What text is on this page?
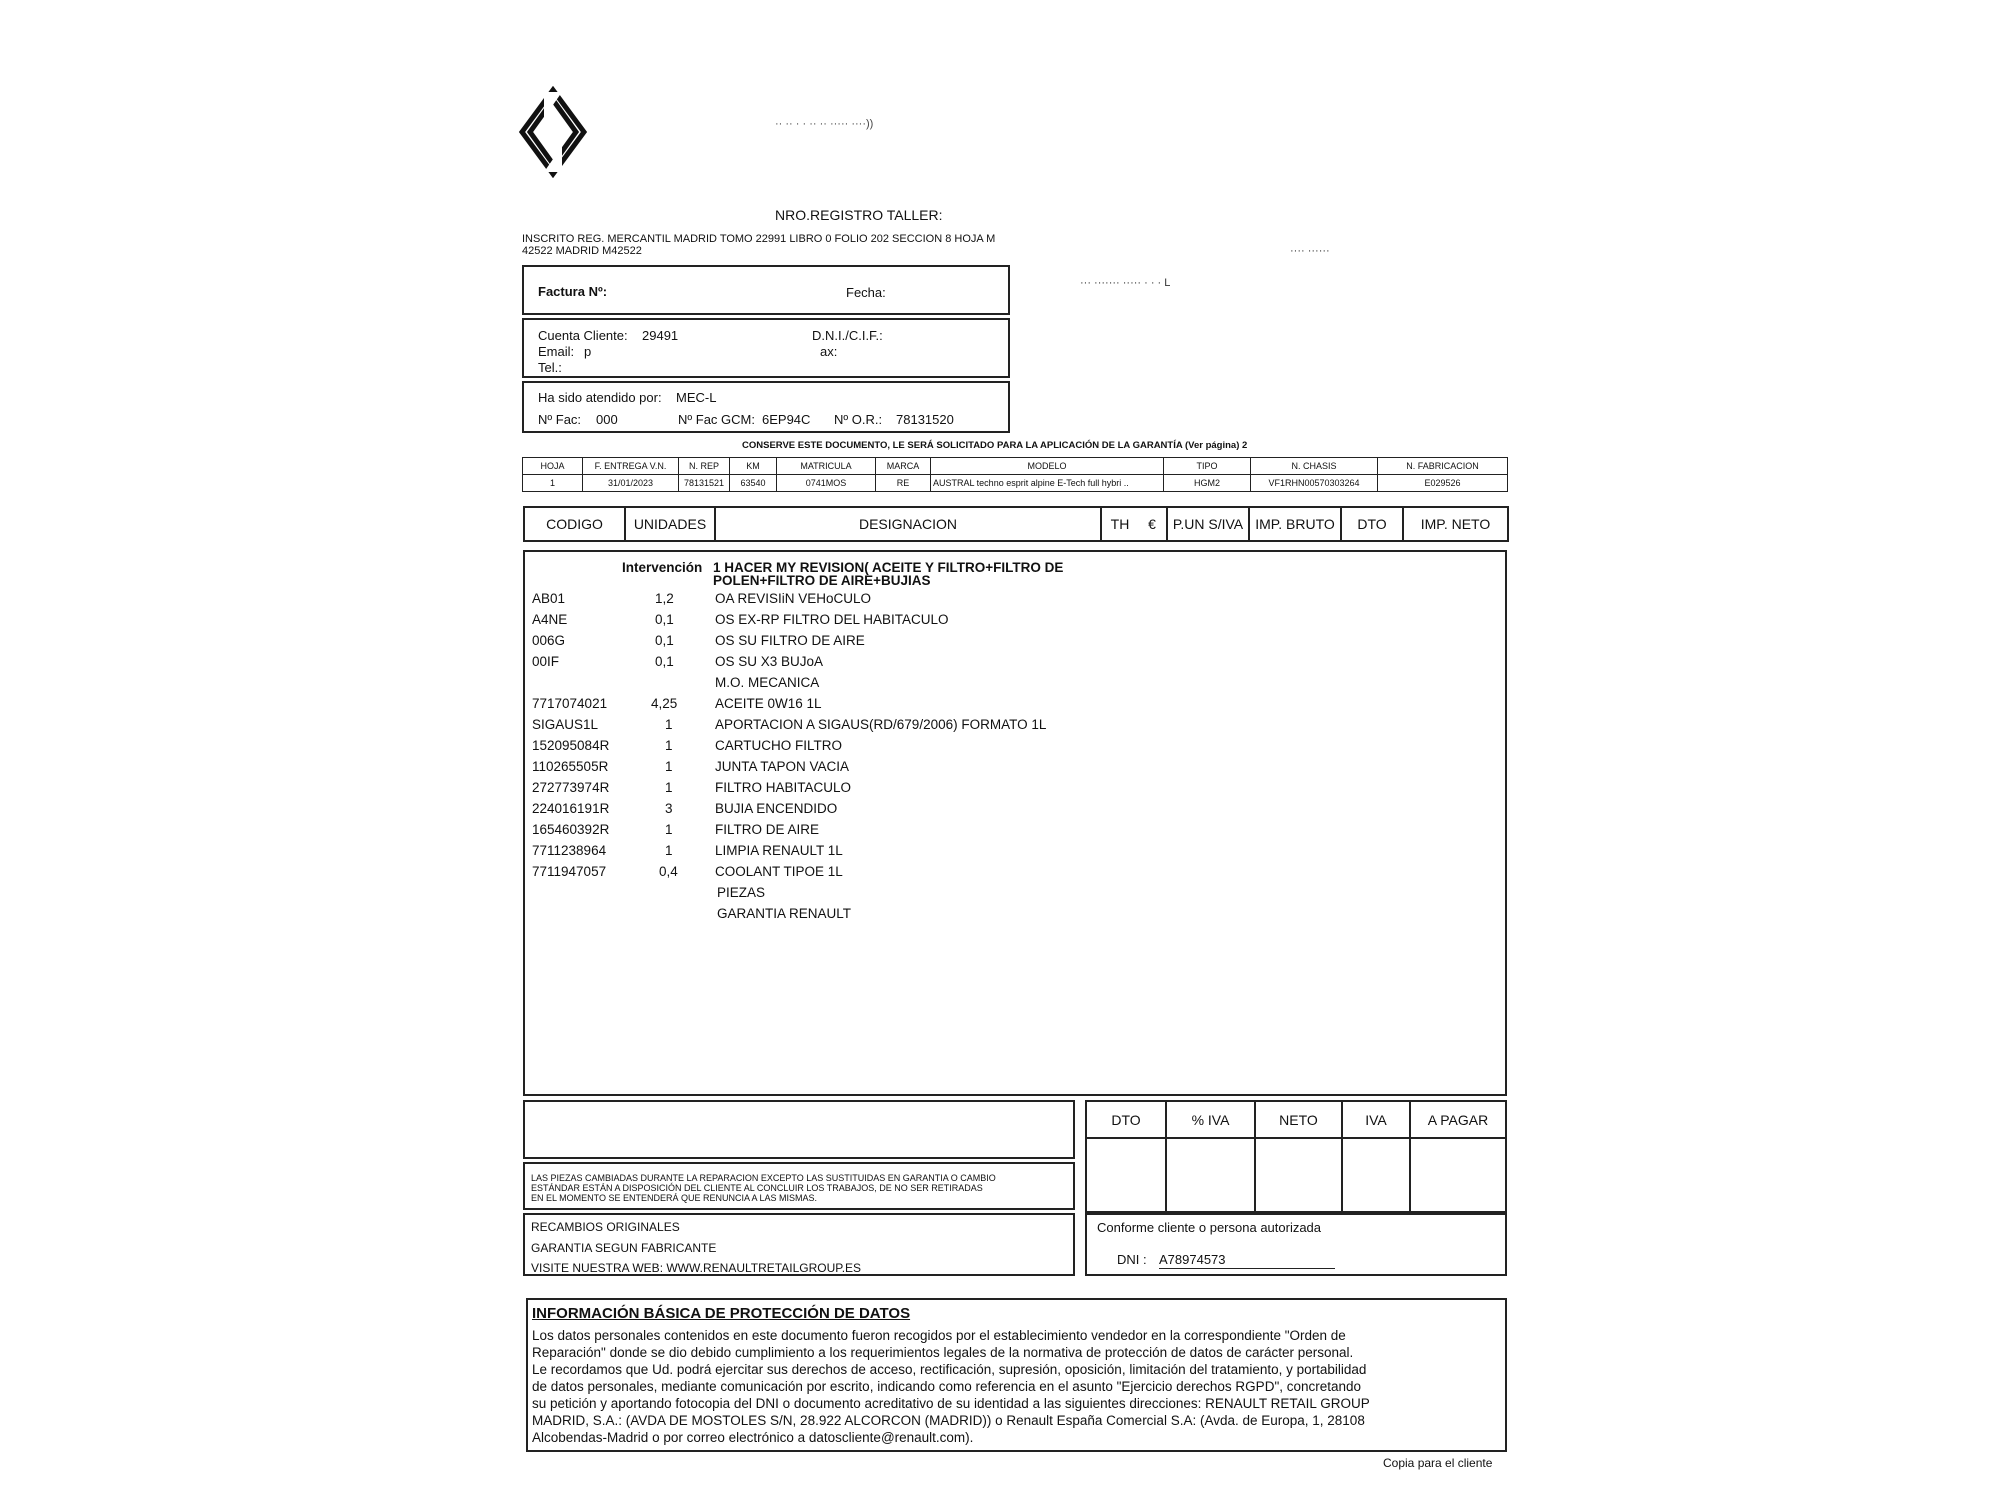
·· ·· · · ·· ·· ····· ····))
NRO.REGISTRO TALLER:
INSCRITO REG. MERCANTIL MADRID TOMO 22991 LIBRO 0 FOLIO 202 SECCION 8 HOJA M
42522 MADRID M42522	···· ······
··· ······· ····· · · · L
Factura Nº:	Fecha:
Cuenta Cliente: 29491	D.N.I./C.I.F.:
Email: p	ax:
Tel.:
Ha sido atendido por: MEC-L
Nº Fac: 000	Nº Fac GCM: 6EP94C Nº O.R.: 78131520
CONSERVE ESTE DOCUMENTO, LE SERÁ SOLICITADO PARA LA APLICACIÓN DE LA GARANTÍA (Ver página) 2
HOJA	F. ENTREGA V.N.	N. REP	KM	MATRICULA	MARCA	MODELO	TIPO	N. CHASIS	N. FABRICACION
1	31/01/2023	78131521	63540	0741MOS	RE	AUSTRAL techno esprit alpine E-Tech full hybri ..	HGM2	VF1RHN00570303264	E029526
CODIGO	UNIDADES	DESIGNACION	TH	€	P.UN S/IVA	IMP. BRUTO	DTO	IMP. NETO
Intervención 1 HACER MY REVISION( ACEITE Y FILTRO+FILTRO DE
POLEN+FILTRO DE AIRE+BUJIAS
AB01	1,2	OA REVISIiN VEHoCULO
A4NE	0,1	OS EX-RP FILTRO DEL HABITACULO
006G	0,1	OS SU FILTRO DE AIRE
00IF	0,1	OS SU X3 BUJoA
M.O. MECANICA
7717074021	4,25	ACEITE 0W16 1L
SIGAUS1L	1	APORTACION A SIGAUS(RD/679/2006) FORMATO 1L
152095084R	1	CARTUCHO FILTRO
110265505R	1	JUNTA TAPON VACIA
272773974R	1	FILTRO HABITACULO
224016191R	3	BUJIA ENCENDIDO
165460392R	1	FILTRO DE AIRE
7711238964	1	LIMPIA RENAULT 1L
7711947057	0,4	COOLANT TIPOE 1L
PIEZAS
GARANTIA RENAULT
LAS PIEZAS CAMBIADAS DURANTE LA REPARACION EXCEPTO LAS SUSTITUIDAS EN GARANTIA O CAMBIO
ESTÁNDAR ESTÁN A DISPOSICIÓN DEL CLIENTE AL CONCLUIR LOS TRABAJOS, DE NO SER RETIRADAS
EN EL MOMENTO SE ENTENDERÁ QUE RENUNCIA A LAS MISMAS.
RECAMBIOS ORIGINALES
GARANTIA SEGUN FABRICANTE
VISITE NUESTRA WEB: WWW.RENAULTRETAILGROUP.ES
DTO	% IVA	NETO	IVA	A PAGAR

Conforme cliente o persona autorizada
DNI : A78974573
INFORMACIÓN BÁSICA DE PROTECCIÓN DE DATOS
Los datos personales contenidos en este documento fueron recogidos por el establecimiento vendedor en la correspondiente "Orden de
Reparación" donde se dio debido cumplimiento a los requerimientos legales de la normativa de protección de datos de carácter personal.
Le recordamos que Ud. podrá ejercitar sus derechos de acceso, rectificación, supresión, oposición, limitación del tratamiento, y portabilidad
de datos personales, mediante comunicación por escrito, indicando como referencia en el asunto "Ejercicio derechos RGPD", concretando
su petición y aportando fotocopia del DNI o documento acreditativo de su identidad a las siguientes direcciones: RENAULT RETAIL GROUP
MADRID, S.A.: (AVDA DE MOSTOLES S/N, 28.922 ALCORCON (MADRID)) o Renault España Comercial S.A: (Avda. de Europa, 1, 28108
Alcobendas-Madrid o por correo electrónico a datoscliente@renault.com).
Copia para el cliente
